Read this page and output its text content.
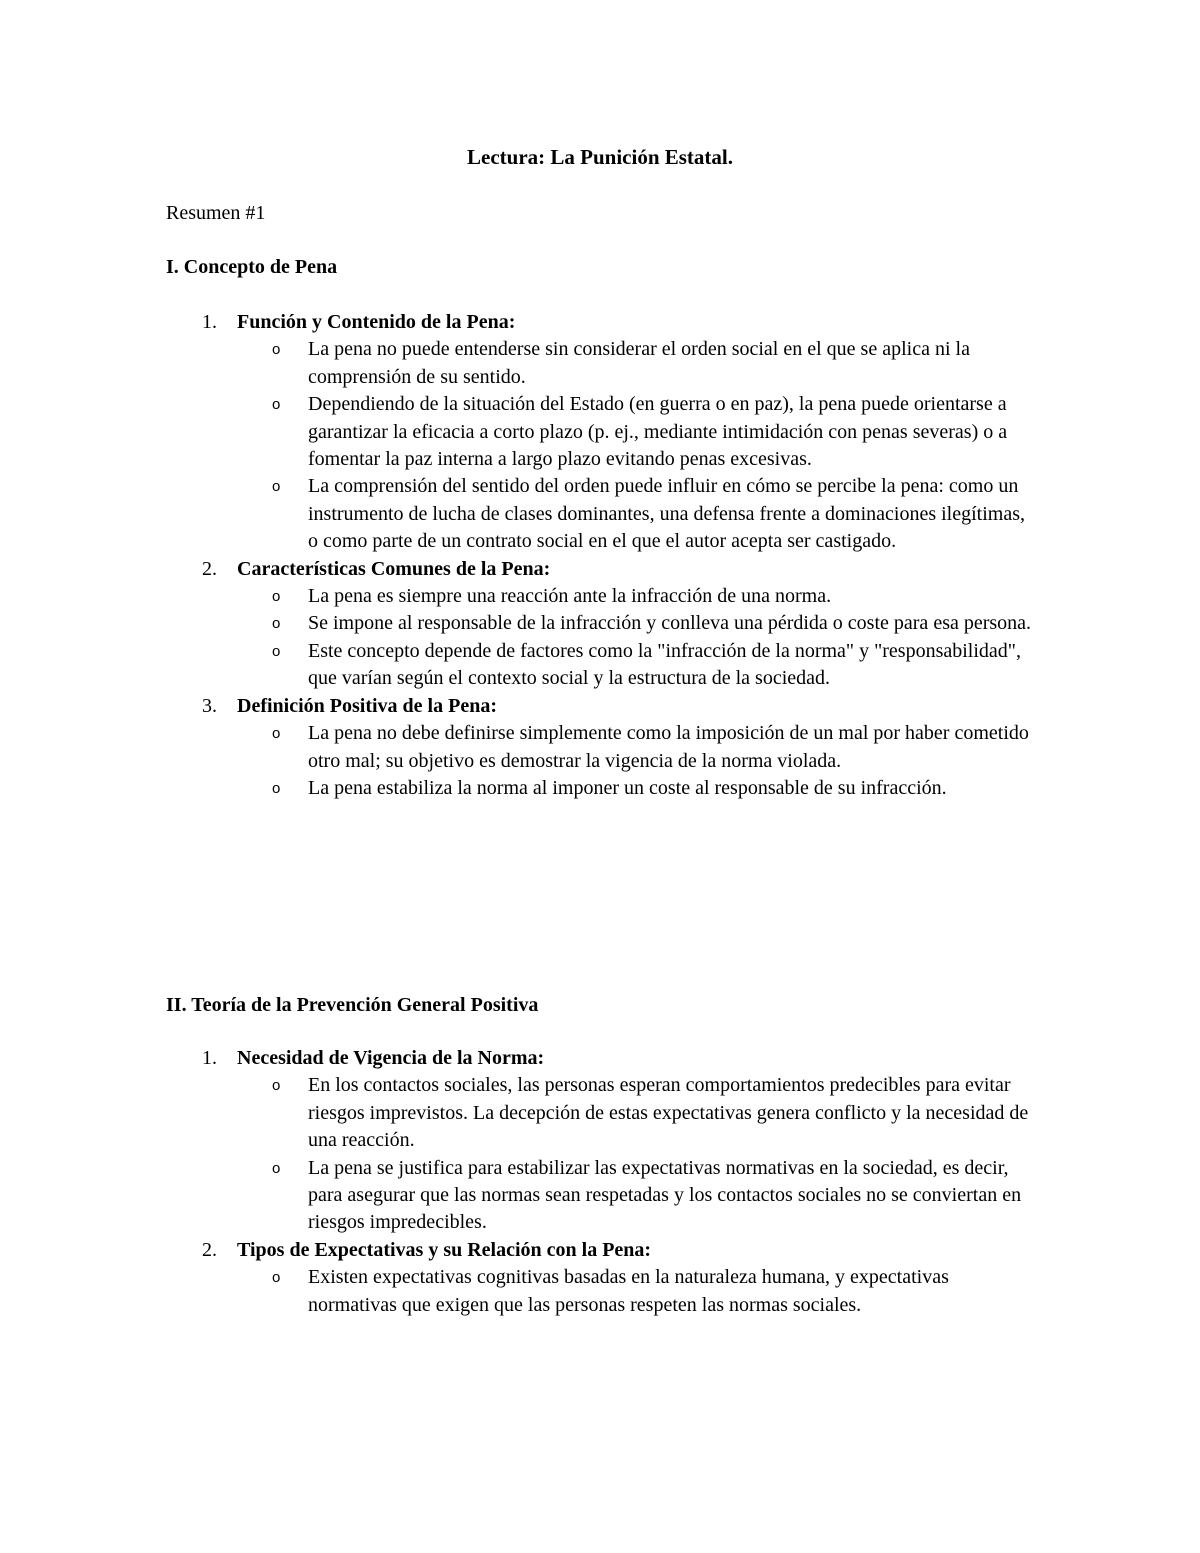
Lectura: La Punición Estatal.
Resumen #1
I. Concepto de Pena
1. Función y Contenido de la Pena:
o La pena no puede entenderse sin considerar el orden social en el que se aplica ni la comprensión de su sentido.
o Dependiendo de la situación del Estado (en guerra o en paz), la pena puede orientarse a garantizar la eficacia a corto plazo (p. ej., mediante intimidación con penas severas) o a fomentar la paz interna a largo plazo evitando penas excesivas.
o La comprensión del sentido del orden puede influir en cómo se percibe la pena: como un instrumento de lucha de clases dominantes, una defensa frente a dominaciones ilegítimas, o como parte de un contrato social en el que el autor acepta ser castigado.
2. Características Comunes de la Pena:
o La pena es siempre una reacción ante la infracción de una norma.
o Se impone al responsable de la infracción y conlleva una pérdida o coste para esa persona.
o Este concepto depende de factores como la "infracción de la norma" y "responsabilidad", que varían según el contexto social y la estructura de la sociedad.
3. Definición Positiva de la Pena:
o La pena no debe definirse simplemente como la imposición de un mal por haber cometido otro mal; su objetivo es demostrar la vigencia de la norma violada.
o La pena estabiliza la norma al imponer un coste al responsable de su infracción.
II. Teoría de la Prevención General Positiva
1. Necesidad de Vigencia de la Norma:
o En los contactos sociales, las personas esperan comportamientos predecibles para evitar riesgos imprevistos. La decepción de estas expectativas genera conflicto y la necesidad de una reacción.
o La pena se justifica para estabilizar las expectativas normativas en la sociedad, es decir, para asegurar que las normas sean respetadas y los contactos sociales no se conviertan en riesgos impredecibles.
2. Tipos de Expectativas y su Relación con la Pena:
o Existen expectativas cognitivas basadas en la naturaleza humana, y expectativas normativas que exigen que las personas respeten las normas sociales.
